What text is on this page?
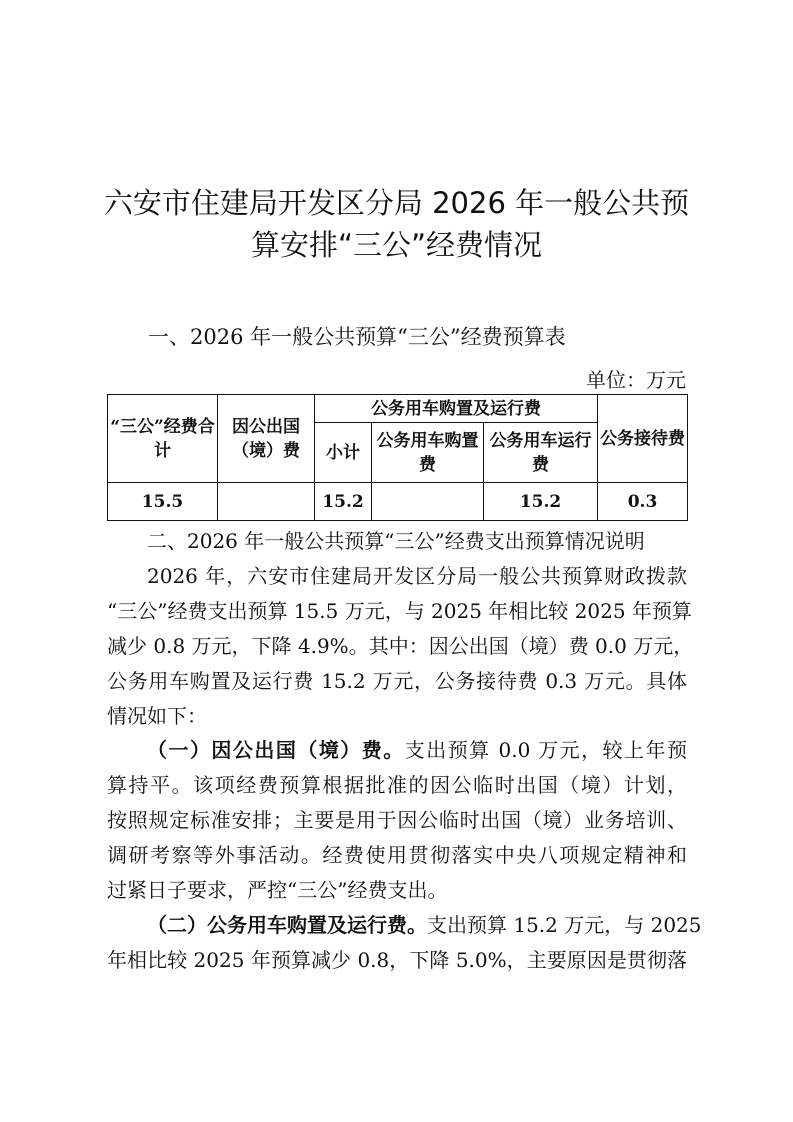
六安市住建局开发区分局 2026 年一般公共预
算安排“三公”经费情况
一、2026 年一般公共预算“三公”经费预算表
单位：万元
“三公”经费合计	因公出国（境）费	公务用车购置及运行费			公务接待费
		小计	公务用车购置费	公务用车运行费	
15.5		15.2		15.2	0.3

二、2026 年一般公共预算“三公”经费支出预算情况说明

2026 年，六安市住建局开发区分局一般公共预算财政拨款
“三公”经费支出预算 15.5 万元，与 2025 年相比较 2025 年预算
减少 0.8 万元，下降 4.9%。其中：因公出国（境）费 0.0 万元，
公务用车购置及运行费 15.2 万元，公务接待费 0.3 万元。具体
情况如下：

（一）因公出国（境）费。支出预算 0.0 万元，较上年预
算持平。该项经费预算根据批准的因公临时出国（境）计划，
按照规定标准安排；主要是用于因公临时出国（境）业务培训、
调研考察等外事活动。经费使用贯彻落实中央八项规定精神和
过紧日子要求，严控“三公”经费支出。

（二）公务用车购置及运行费。支出预算 15.2 万元，与 2025
年相比较 2025 年预算减少 0.8，下降 5.0%，主要原因是贯彻落
